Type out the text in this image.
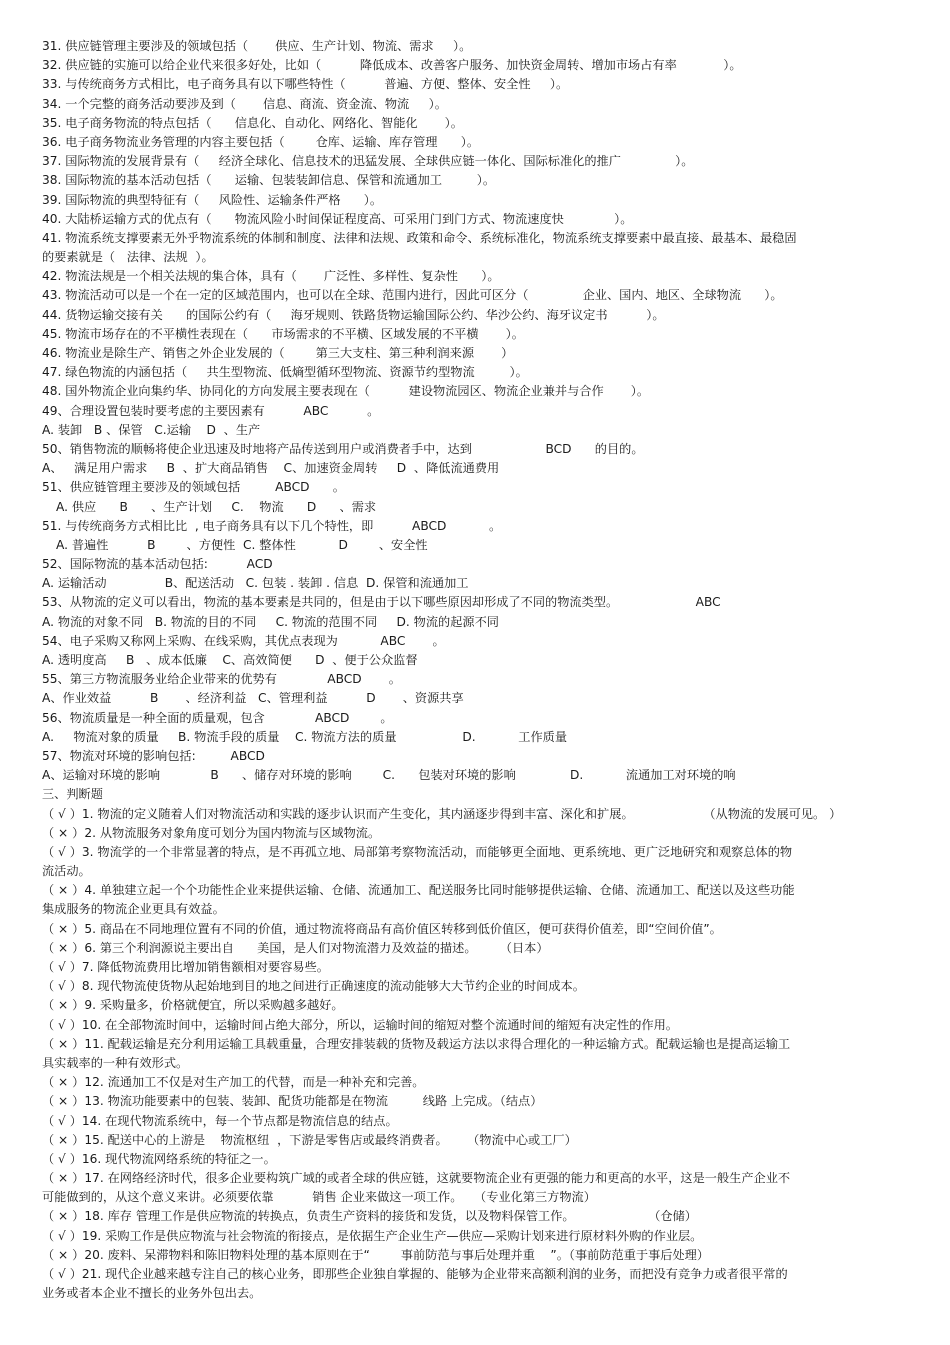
31. 供应链管理主要涉及的领域包括（       供应、生产计划、物流、需求     ）。
32. 供应链的实施可以给企业代来很多好处，比如（          降低成本、改善客户服务、加快资金周转、增加市场占有率            ）。
33. 与传统商务方式相比，电子商务具有以下哪些特性（          普遍、方便、整体、安全性     ）。
34. 一个完整的商务活动要涉及到（       信息、商流、资金流、物流     ）。
35. 电子商务物流的特点包括（      信息化、自动化、网络化、智能化       ）。
36. 电子商务物流业务管理的内容主要包括（        仓库、运输、库存管理      ）。
37. 国际物流的发展背景有（     经济全球化、信息技术的迅猛发展、全球供应链一体化、国际标准化的推广              ）。
38. 国际物流的基本活动包括（      运输、包装装卸信息、保管和流通加工         ）。
39. 国际物流的典型特征有（     风险性、运输条件严格      ）。
40. 大陆桥运输方式的优点有（      物流风险小时间保证程度高、可采用门到门方式、物流速度快             ）。
41. 物流系统支撑要素无外乎物流系统的体制和制度、法律和法规、政策和命令、系统标准化，物流系统支撑要素中最直接、最基本、最稳固
的要素就是（   法律、法规  ）。
42. 物流法规是一个相关法规的集合体，具有（       广泛性、多样性、复杂性      ）。
43. 物流活动可以是一个在一定的区域范围内，也可以在全球、范围内进行，因此可区分（              企业、国内、地区、全球物流      ）。
44. 货物运输交接有关      的国际公约有（     海牙规则、铁路货物运输国际公约、华沙公约、海牙议定书          ）。
45. 物流市场存在的不平横性表现在（      市场需求的不平横、区域发展的不平横       ）。
46. 物流业是除生产、销售之外企业发展的（        第三大支柱、第三种利润来源       ）
47. 绿色物流的内涵包括（     共生型物流、低熵型循环型物流、资源节约型物流         ）。
48. 国外物流企业向集约华、协同化的方向发展主要表现在（          建设物流园区、物流企业兼并与合作       ）。
49、合理设置包装时要考虑的主要因素有          ABC          。
A. 装卸   B 、保管   C.运输    D  、生产
50、销售物流的顺畅将使企业迅速及时地将产品传送到用户或消费者手中，达到                   BCD      的目的。
A、   满足用户需求     B  、扩大商品销售    C、加速资金周转     D  、降低流通费用
51、供应链管理主要涉及的领域包括         ABCD      。
A. 供应      B      、生产计划     C.    物流      D      、需求
51. 与传统商务方式相比比  , 电子商务具有以下几个特性，即          ABCD           。
A. 普遍性          B        、方便性  C. 整体性           D        、安全性
52、国际物流的基本活动包括:          ACD
A. 运输活动               B、配送活动   C. 包装 . 装卸 . 信息  D. 保管和流通加工
53、从物流的定义可以看出，物流的基本要素是共同的，但是由于以下哪些原因却形成了不同的物流类型。                    ABC
A. 物流的对象不同   B. 物流的目的不同     C. 物流的范围不同     D. 物流的起源不同
54、电子采购又称网上采购、在线采购，其优点表现为           ABC       。
A. 透明度高     B   、成本低廉    C、高效简便      D  、便于公众监督
55、第三方物流服务业给企业带来的优势有             ABCD       。
A、作业效益          B       、经济利益   C、管理利益          D       、资源共享
56、物流质量是一种全面的质量观，包含             ABCD        。
A.     物流对象的质量     B. 物流手段的质量    C. 物流方法的质量                 D.           工作质量
57、物流对环境的影响包括:         ABCD
A、运输对环境的影响             B      、储存对环境的影响        C.      包装对环境的影响              D.           流通加工对环境的响
三、判断题
（ √ ）1. 物流的定义随着人们对物流活动和实践的逐步认识而产生变化，其内涵逐步得到丰富、深化和扩展。                  （从物流的发展可见。 ）
（ × ）2. 从物流服务对象角度可划分为国内物流与区域物流。
（ √ ）3. 物流学的一个非常显著的特点，是不再孤立地、局部第考察物流活动，而能够更全面地、更系统地、更广泛地研究和观察总体的物
流活动。
（ × ）4. 单独建立起一个个功能性企业来提供运输、仓储、流通加工、配送服务比同时能够提供运输、仓储、流通加工、配送以及这些功能
集成服务的物流企业更具有效益。
（ × ）5. 商品在不同地理位置有不同的价值，通过物流将商品有高价值区转移到低价值区，便可获得价值差，即“空间价值”。
（ × ）6. 第三个利润源说主要出自      美国，是人们对物流潜力及效益的描述。      （日本）
（ √ ）7. 降低物流费用比增加销售额相对要容易些。
（ √ ）8. 现代物流使货物从起始地到目的地之间进行正确速度的流动能够大大节约企业的时间成本。
（ × ）9. 采购量多，价格就便宜，所以采购越多越好。
（ √ ）10. 在全部物流时间中，运输时间占绝大部分，所以，运输时间的缩短对整个流通时间的缩短有决定性的作用。
（ × ）11. 配载运输是充分利用运输工具载重量，合理安排装载的货物及载运方法以求得合理化的一种运输方式。配载运输也是提高运输工
具实载率的一种有效形式。
（ × ）12. 流通加工不仅是对生产加工的代替，而是一种补充和完善。
（ × ）13. 物流功能要素中的包装、装卸、配货功能都是在物流         线路 上完成。（结点）
（ √ ）14. 在现代物流系统中，每一个节点都是物流信息的结点。
（ × ）15. 配送中心的上游是    物流枢纽  ，下游是零售店或最终消费者。     （物流中心或工厂）
（ √ ）16. 现代物流网络系统的特征之一。
（ × ）17. 在网络经济时代，很多企业要构筑广域的或者全球的供应链，这就要物流企业有更强的能力和更高的水平，这是一般生产企业不
可能做到的，从这个意义来讲。必须要依靠          销售 企业来做这一项工作。   （专业化第三方物流）
（ × ）18. 库存 管理工作是供应物流的转换点，负责生产资料的接货和发货，以及物料保管工作。                   （仓储）
（ √ ）19. 采购工作是供应物流与社会物流的衔接点，是依据生产企业生产—供应—采购计划来进行原材料外购的作业层。
（ × ）20. 废料、呆滞物料和陈旧物料处理的基本原则在于“        事前防范与事后处理并重    ”。（事前防范重于事后处理）
（ √ ）21. 现代企业越来越专注自己的核心业务，即那些企业独自掌握的、能够为企业带来高额利润的业务，而把没有竞争力或者很平常的
业务或者本企业不擅长的业务外包出去。
